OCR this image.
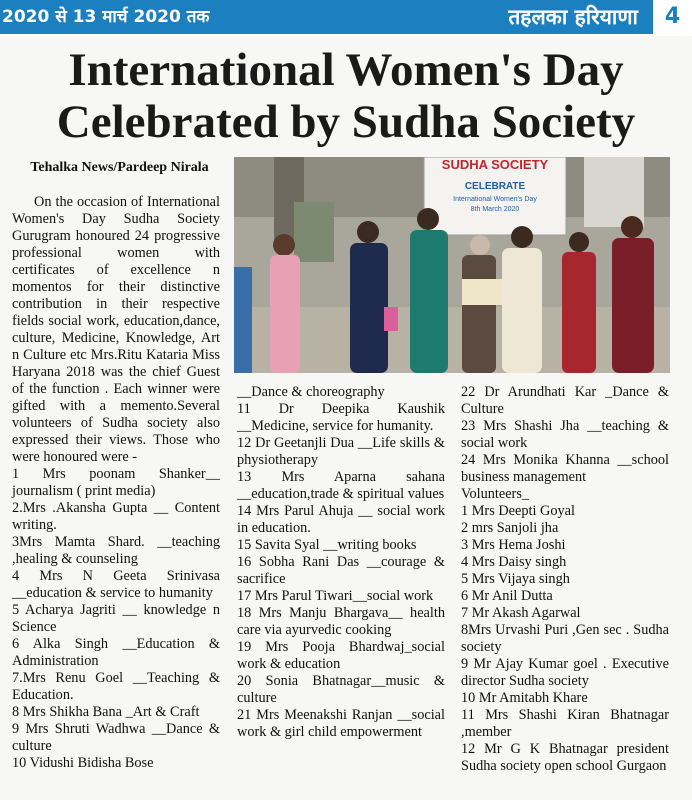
2020 से 13 मार्च 2020 तक	तहलका हरियाणा	4
International Women's Day
Celebrated by Sudha Society
Tehalka News/Pardeep Nirala	SUDHA SOCIETY
CELEBRATE
International Women's Day
8th March 2020

On the occasion of International Women's Day Sudha Society Gurugram honoured 24 progressive professional women with certificates of excellence n momentos for their distinctive contribution in their respective fields social work, education,dance, culture, Medicine, Knowledge, Art n Culture etc Mrs.Ritu Kataria Miss Haryana 2018 was the chief Guest of the function . Each winner were gifted with a memento.Several volunteers of Sudha society also expressed their views. Those who were honoured were -

1 Mrs poonam Shanker__ journalism ( print media)

2.Mrs .Akansha Gupta __ Content writing.

3Mrs Mamta Shard. __teaching ,healing & counseling

4 Mrs N Geeta Srinivasa __education & service to humanity

5 Acharya Jagriti __ knowledge n Science

6 Alka Singh __Education & Administration

7.Mrs Renu Goel __Teaching & Education.

8 Mrs Shikha Bana _Art & Craft

9 Mrs Shruti Wadhwa __Dance & culture

10 Vidushi Bidisha Bose

__Dance & choreography

11 Dr Deepika Kaushik __Medicine, service for humanity.

12 Dr Geetanjli Dua __Life skills & physiotherapy

13 Mrs Aparna sahana __education,trade & spiritual values

14 Mrs Parul Ahuja __ social work in education.

15 Savita Syal __writing books

16 Sobha Rani Das __courage & sacrifice

17 Mrs Parul Tiwari__social work

18 Mrs Manju Bhargava__ health care via ayurvedic cooking

19 Mrs Pooja Bhardwaj_social work & education

20 Sonia Bhatnagar__music & culture

21 Mrs Meenakshi Ranjan __social work & girl child empowerment

22 Dr Arundhati Kar _Dance & Culture

23 Mrs Shashi Jha __teaching & social work

24 Mrs Monika Khanna __school business management

Volunteers_

1 Mrs Deepti Goyal

2 mrs Sanjoli jha

3 Mrs Hema Joshi

4 Mrs Daisy singh

5 Mrs Vijaya singh

6 Mr Anil Dutta

7 Mr Akash Agarwal

8Mrs Urvashi Puri ,Gen sec . Sudha society

9 Mr Ajay Kumar goel . Executive director Sudha society

10 Mr Amitabh Khare

11 Mrs Shashi Kiran Bhatnagar ,member

12 Mr G K Bhatnagar president Sudha society open school Gurgaon
